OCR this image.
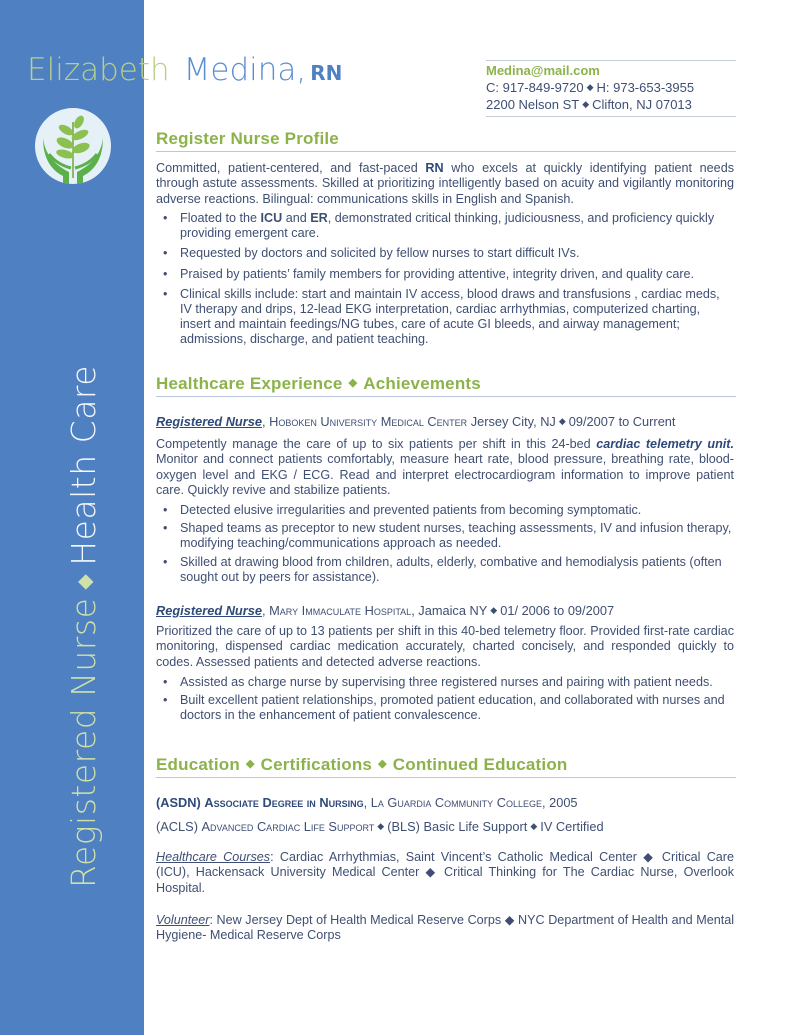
Registered Nurse◆Health Care
Elizabeth Medina, RN	Medina@mail.com
C: 917-849-9720 ◆ H: 973-653-3955
2200 Nelson ST ◆ Clifton, NJ 07013
Register Nurse Profile
Committed, patient-centered, and fast-paced RN who excels at quickly identifying patient needs through astute assessments. Skilled at prioritizing intelligently based on acuity and vigilantly monitoring adverse reactions. Bilingual: communications skills in English and Spanish.
• Floated to the ICU and ER, demonstrated critical thinking, judiciousness, and proficiency quickly providing emergent care.
• Requested by doctors and solicited by fellow nurses to start difficult IVs.
• Praised by patients’ family members for providing attentive, integrity driven, and quality care.
• Clinical skills include: start and maintain IV access, blood draws and transfusions , cardiac meds, IV therapy and drips, 12-lead EKG interpretation, cardiac arrhythmias, computerized charting, insert and maintain feedings/NG tubes, care of acute GI bleeds, and airway management; admissions, discharge, and patient teaching.
Healthcare Experience ◆ Achievements
Registered Nurse, Hoboken University Medical Center Jersey City, NJ ◆ 09/2007 to Current
Competently manage the care of up to six patients per shift in this 24-bed cardiac telemetry unit. Monitor and connect patients comfortably, measure heart rate, blood pressure, breathing rate, blood-oxygen level and EKG / ECG. Read and interpret electrocardiogram information to improve patient care. Quickly revive and stabilize patients.
• Detected elusive irregularities and prevented patients from becoming symptomatic.
• Shaped teams as preceptor to new student nurses, teaching assessments, IV and infusion therapy, modifying teaching/communications approach as needed.
• Skilled at drawing blood from children, adults, elderly, combative and hemodialysis patients (often sought out by peers for assistance).
Registered Nurse, Mary Immaculate Hospital, Jamaica NY ◆ 01/ 2006 to 09/2007
Prioritized the care of up to 13 patients per shift in this 40-bed telemetry floor. Provided first-rate cardiac monitoring, dispensed cardiac medication accurately, charted concisely, and responded quickly to codes. Assessed patients and detected adverse reactions.
• Assisted as charge nurse by supervising three registered nurses and pairing with patient needs.
• Built excellent patient relationships, promoted patient education, and collaborated with nurses and doctors in the enhancement of patient convalescence.
Education ◆ Certifications ◆ Continued Education
(ASDN) Associate Degree in Nursing, La Guardia Community College, 2005
(ACLS) Advanced Cardiac Life Support ◆ (BLS) Basic Life Support ◆ IV Certified
Healthcare Courses: Cardiac Arrhythmias, Saint Vincent’s Catholic Medical Center ◆ Critical Care (ICU), Hackensack University Medical Center ◆ Critical Thinking for The Cardiac Nurse, Overlook Hospital.
Volunteer: New Jersey Dept of Health Medical Reserve Corps ◆ NYC Department of Health and Mental Hygiene- Medical Reserve Corps
